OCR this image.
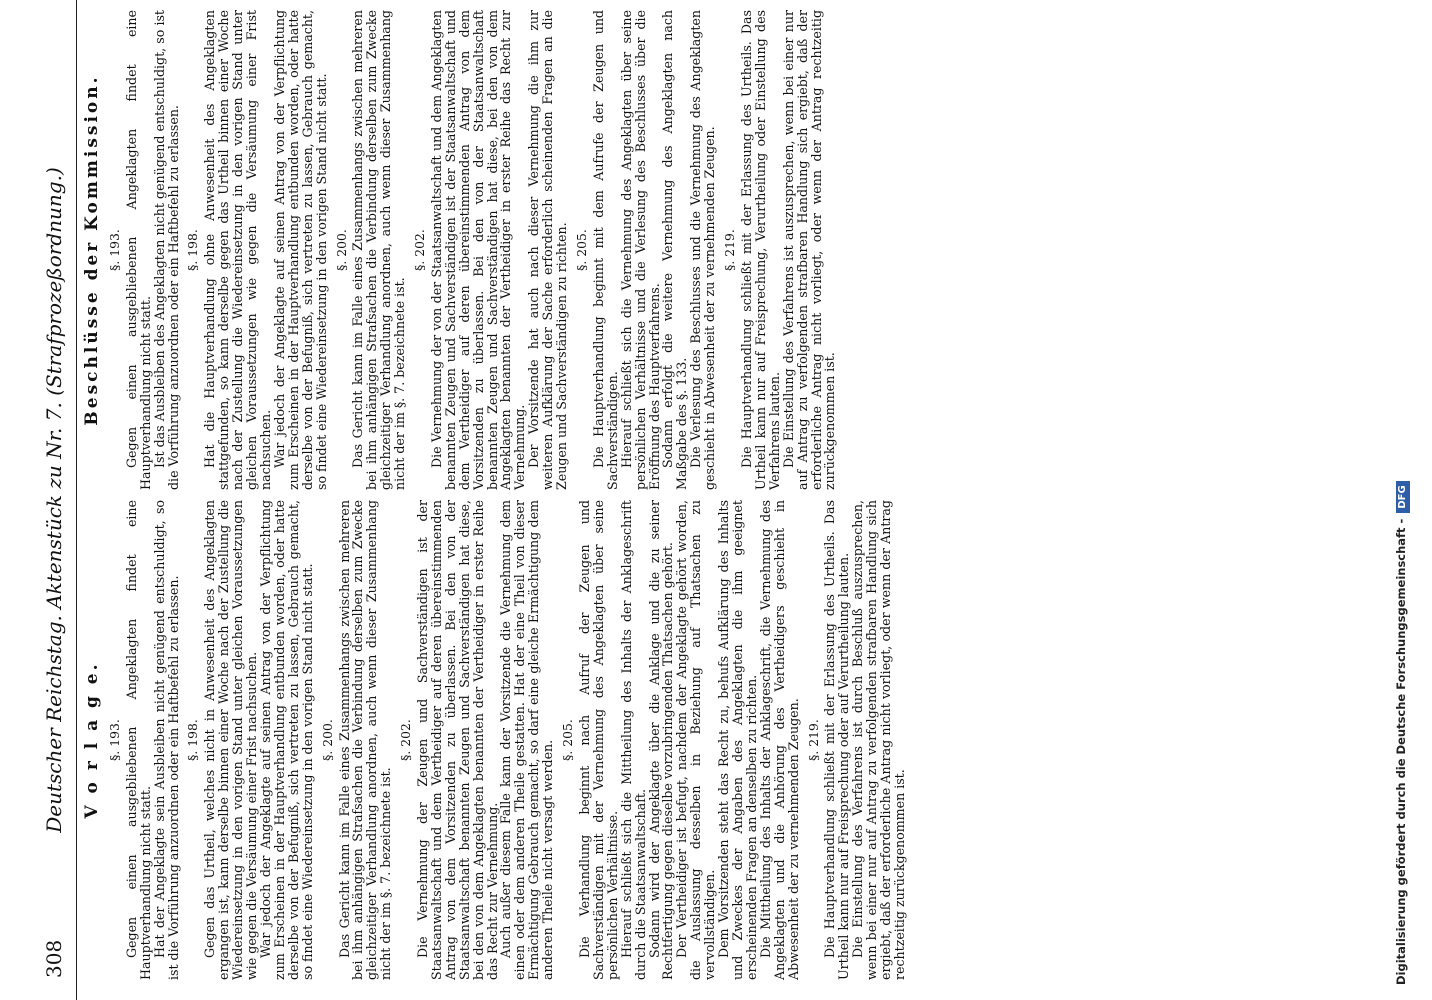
308
Deutscher Reichstag. Aktenstück zu Nr. 7. (Strafprozeßordnung.) V o r l a g e. §. 193. Gegen einen ausgebliebenen Angeklagten findet eine Hauptverhandlung nicht statt.

Hat der Angeklagte sein Ausbleiben nicht genügend entschuldigt, so ist die Vorführung anzuordnen oder ein Haftbefehl zu erlassen. §. 198. Gegen das Urtheil, welches nicht in Anwesenheit des Angeklagten ergangen ist, kann derselbe binnen einer Woche nach der Zustellung die Wiedereinsetzung in den vorigen Stand unter gleichen Voraussetzungen wie gegen die Versäumung einer Frist nachsuchen.

War jedoch der Angeklagte auf seinen Antrag von der Verpflichtung zum Erscheinen in der Hauptverhandlung entbunden worden, oder hatte derselbe von der Befugniß, sich vertreten zu lassen, Gebrauch gemacht, so findet eine Wiedereinsetzung in den vorigen Stand nicht statt. §. 200. Das Gericht kann im Falle eines Zusammenhangs zwischen mehreren bei ihm anhängigen Strafsachen die Verbindung derselben zum Zwecke gleichzeitiger Verhandlung anordnen, auch wenn dieser Zusammenhang nicht der im §. 7. bezeichnete ist.

§. 202. Die Vernehmung der Zeugen und Sachverständigen ist der Staatsanwaltschaft und dem Vertheidiger auf deren übereinstimmenden Antrag von dem Vorsitzenden zu überlassen. Bei den von der Staatsanwaltschaft benannten Zeugen und Sachverständigen hat diese, bei den von dem Angeklagten benannten der Vertheidiger in erster Reihe das Recht zur Vernehmung.

Auch außer diesem Falle kann der Vorsitzende die Vernehmung dem einen oder dem anderen Theile gestatten. Hat der eine Theil von dieser Ermächtigung Gebrauch gemacht, so darf eine gleiche Ermächtigung dem anderen Theile nicht versagt werden. §. 205. Die Verhandlung beginnt nach Aufruf der Zeugen und Sachverständigen mit der Vernehmung des Angeklagten über seine persönlichen Verhältnisse.

Hierauf schließt sich die Mittheilung des Inhalts der Anklageschrift durch die Staatsanwaltschaft.

Sodann wird der Angeklagte über die Anklage und die zu seiner Rechtfertigung gegen dieselbe vorzubringenden Thatsachen gehört.

Der Vertheidiger ist befugt, nachdem der Angeklagte gehört worden, die Auslassung desselben in Beziehung auf Thatsachen zu vervollständigen.

Dem Vorsitzenden steht das Recht zu, behufs Aufklärung des Inhalts und Zweckes der Angaben des Angeklagten die ihm geeignet erscheinenden Fragen an denselben zu richten.

Die Mittheilung des Inhalts der Anklageschrift, die Vernehmung des Angeklagten und die Anhörung des Vertheidigers geschieht in Abwesenheit der zu vernehmenden Zeugen. §. 219. Die Hauptverhandlung schließt mit der Erlassung des Urtheils. Das Urtheil kann nur auf Freisprechung oder auf Verurtheilung lauten.

Die Einstellung des Verfahrens ist durch Beschluß auszusprechen, wenn bei einer nur auf Antrag zu verfolgenden strafbaren Handlung sich ergiebt, daß der erforderliche Antrag nicht vorliegt, oder wenn der Antrag rechtzeitig zurückgenommen ist.

Beschlüsse der Kommission. §. 193. Gegen einen ausgebliebenen Angeklagten findet eine Hauptverhandlung nicht statt.

Ist das Ausbleiben des Angeklagten nicht genügend entschuldigt, so ist die Vorführung anzuordnen oder ein Haftbefehl zu erlassen. §. 198. Hat die Hauptverhandlung ohne Anwesenheit des Angeklagten stattgefunden, so kann derselbe gegen das Urtheil binnen einer Woche nach der Zustellung die Wiedereinsetzung in den vorigen Stand unter gleichen Voraussetzungen wie gegen die Versäumung einer Frist nachsuchen.

War jedoch der Angeklagte auf seinen Antrag von der Verpflichtung zum Erscheinen in der Hauptverhandlung entbunden worden, oder hatte derselbe von der Befugniß, sich vertreten zu lassen, Gebrauch gemacht, so findet eine Wiedereinsetzung in den vorigen Stand nicht statt. §. 200. Das Gericht kann im Falle eines Zusammenhangs zwischen mehreren bei ihm anhängigen Strafsachen die Verbindung derselben zum Zwecke gleichzeitiger Verhandlung anordnen, auch wenn dieser Zusammenhang nicht der im §. 7. bezeichnete ist.

§. 202. Die Vernehmung der von der Staatsanwaltschaft und dem Angeklagten benannten Zeugen und Sachverständigen ist der Staatsanwaltschaft und dem Vertheidiger auf deren übereinstimmenden Antrag von dem Vorsitzenden zu überlassen. Bei den von der Staatsanwaltschaft benannten Zeugen und Sachverständigen hat diese, bei den von dem Angeklagten benannten der Vertheidiger in erster Reihe das Recht zur Vernehmung.

Der Vorsitzende hat auch nach dieser Vernehmung die ihm zur weiteren Aufklärung der Sache erforderlich scheinenden Fragen an die Zeugen und Sachverständigen zu richten. §. 205. Die Hauptverhandlung beginnt mit dem Aufrufe der Zeugen und Sachverständigen.

Hierauf schließt sich die Vernehmung des Angeklagten über seine persönlichen Verhältnisse und die Verlesung des Beschlusses über die Eröffnung des Hauptverfahrens.

Sodann erfolgt die weitere Vernehmung des Angeklagten nach Maßgabe des §. 133.

Die Verlesung des Beschlusses und die Vernehmung des Angeklagten geschieht in Abwesenheit der zu vernehmenden Zeugen. §. 219. Die Hauptverhandlung schließt mit der Erlassung des Urtheils. Das Urtheil kann nur auf Freisprechung, Verurtheilung oder Einstellung des Verfahrens lauten.

Die Einstellung des Verfahrens ist auszusprechen, wenn bei einer nur auf Antrag zu verfolgenden strafbaren Handlung sich ergiebt, daß der erforderliche Antrag nicht vorliegt, oder wenn der Antrag rechtzeitig zurückgenommen ist.

Digitalisierung gefördert durch die Deutsche Forschungsgemeinschaft -DFG
